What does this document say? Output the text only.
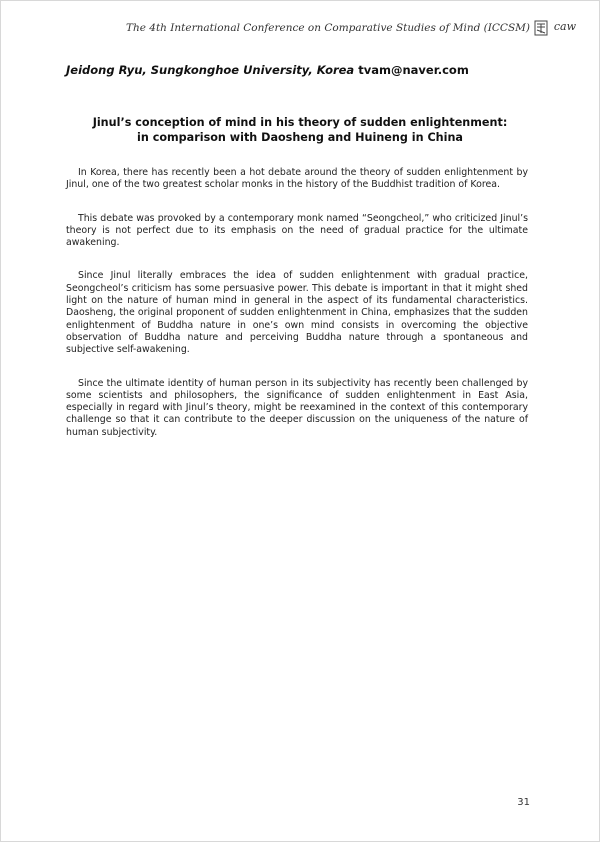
The 4th International Conference on Comparative Studies of Mind (ICCSM) caw
Jeidong Ryu, Sungkonghoe University, Korea tvam@naver.com
Jinul’s conception of mind in his theory of sudden enlightenment:
in comparison with Daosheng and Huineng in China

In Korea, there has recently been a hot debate around the theory of sudden enlightenment by Jinul, one of the two greatest scholar monks in the history of the Buddhist tradition of Korea.

This debate was provoked by a contemporary monk named “Seongcheol,” who criticized Jinul’s theory is not perfect due to its emphasis on the need of gradual practice for the ultimate awakening.

Since Jinul literally embraces the idea of sudden enlightenment with gradual practice, Seongcheol’s criticism has some persuasive power. This debate is important in that it might shed light on the nature of human mind in general in the aspect of its fundamental characteristics. Daosheng, the original proponent of sudden enlightenment in China, emphasizes that the sudden enlightenment of Buddha nature in one’s own mind consists in overcoming the objective observation of Buddha nature and perceiving Buddha nature through a spontaneous and subjective self-awakening.

Since the ultimate identity of human person in its subjectivity has recently been challenged by some scientists and philosophers, the significance of sudden enlightenment in East Asia, especially in regard with Jinul’s theory, might be reexamined in the context of this contemporary challenge so that it can contribute to the deeper discussion on the uniqueness of the nature of human subjectivity.

31
